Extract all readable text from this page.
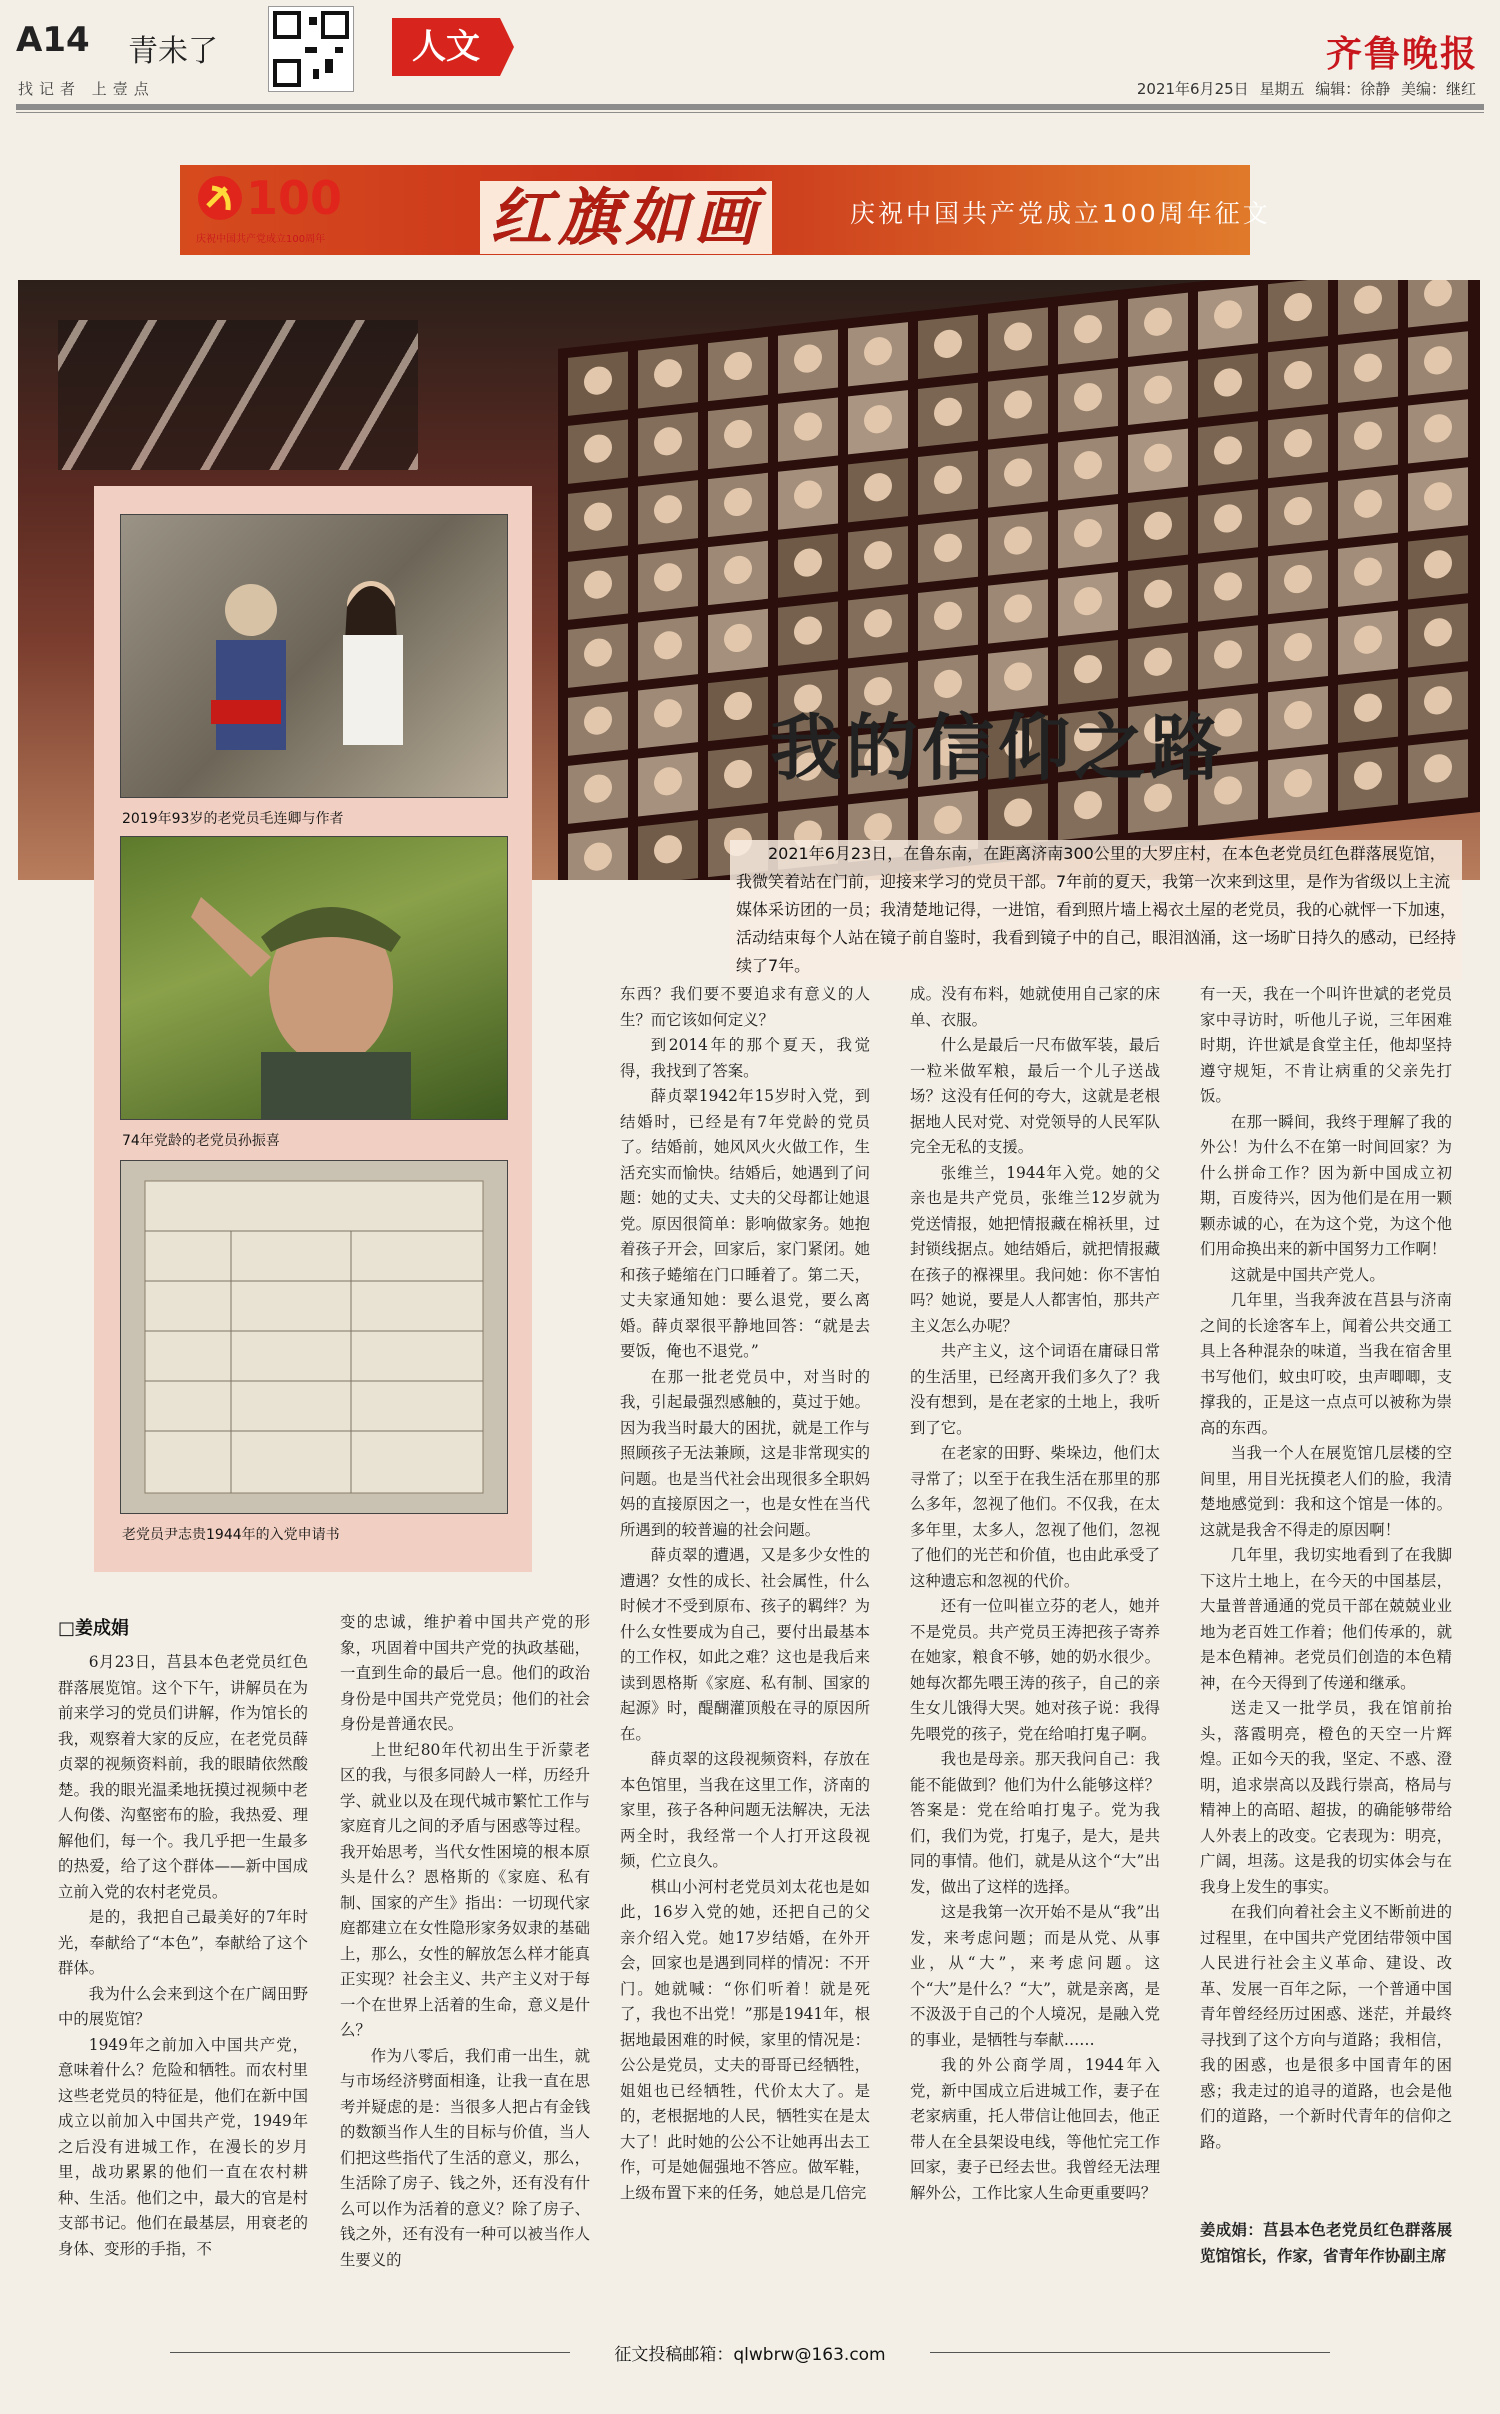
A14 青未了
找记者 上壹点
人文	齐鲁晚报
2021年6月25日 星期五 编辑：徐静 美编：继红
100
庆祝中国共产党成立100周年	红旗如画	庆祝中国共产党成立100周年征文
我的信仰之路
2021年6月23日，在鲁东南，在距离济南300公里的大罗庄村，在本色老党员红色群落展览馆，我微笑着站在门前，迎接来学习的党员干部。7年前的夏天，我第一次来到这里，是作为省级以上主流媒体采访团的一员；我清楚地记得，一进馆，看到照片墙上褐衣土屋的老党员，我的心就怦一下加速，活动结束每个人站在镜子前自鉴时，我看到镜子中的自己，眼泪汹涌，这一场旷日持久的感动，已经持续了7年。
2019年93岁的老党员毛连卿与作者
74年党龄的老党员孙振喜
老党员尹志贵1944年的入党申请书
□姜成娟

6月23日，莒县本色老党员红色群落展览馆。这个下午，讲解员在为前来学习的党员们讲解，作为馆长的我，观察着大家的反应，在老党员薛贞翠的视频资料前，我的眼睛依然酸楚。我的眼光温柔地抚摸过视频中老人佝偻、沟壑密布的脸，我热爱、理解他们，每一个。我几乎把一生最多的热爱，给了这个群体——新中国成立前入党的农村老党员。

是的，我把自己最美好的7年时光，奉献给了“本色”，奉献给了这个群体。

我为什么会来到这个在广阔田野中的展览馆？

1949年之前加入中国共产党，意味着什么？危险和牺牲。而农村里这些老党员的特征是，他们在新中国成立以前加入中国共产党，1949年之后没有进城工作，在漫长的岁月里，战功累累的他们一直在农村耕种、生活。他们之中，最大的官是村支部书记。他们在最基层，用衰老的身体、变形的手指，不

变的忠诚，维护着中国共产党的形象，巩固着中国共产党的执政基础，一直到生命的最后一息。他们的政治身份是中国共产党党员；他们的社会身份是普通农民。

上世纪80年代初出生于沂蒙老区的我，与很多同龄人一样，历经升学、就业以及在现代城市繁忙工作与家庭育儿之间的矛盾与困惑等过程。我开始思考，当代女性困境的根本原头是什么？恩格斯的《家庭、私有制、国家的产生》指出：一切现代家庭都建立在女性隐形家务奴隶的基础上，那么，女性的解放怎么样才能真正实现？社会主义、共产主义对于每一个在世界上活着的生命，意义是什么？

作为八零后，我们甫一出生，就与市场经济劈面相逢，让我一直在思考并疑虑的是：当很多人把占有金钱的数额当作人生的目标与价值，当人们把这些指代了生活的意义，那么，生活除了房子、钱之外，还有没有什么可以作为活着的意义？除了房子、钱之外，还有没有一种可以被当作人生要义的

东西？我们要不要追求有意义的人生？而它该如何定义？

到2014年的那个夏天，我觉得，我找到了答案。

薛贞翠1942年15岁时入党，到结婚时，已经是有7年党龄的党员了。结婚前，她风风火火做工作，生活充实而愉快。结婚后，她遇到了问题：她的丈夫、丈夫的父母都让她退党。原因很简单：影响做家务。她抱着孩子开会，回家后，家门紧闭。她和孩子蜷缩在门口睡着了。第二天，丈夫家通知她：要么退党，要么离婚。薛贞翠很平静地回答：“就是去要饭，俺也不退党。”

在那一批老党员中，对当时的我，引起最强烈感触的，莫过于她。因为我当时最大的困扰，就是工作与照顾孩子无法兼顾，这是非常现实的问题。也是当代社会出现很多全职妈妈的直接原因之一，也是女性在当代所遇到的较普遍的社会问题。

薛贞翠的遭遇，又是多少女性的遭遇？女性的成长、社会属性，什么时候才不受到原布、孩子的羁绊？为什么女性要成为自己，要付出最基本的工作权，如此之难？这也是我后来读到恩格斯《家庭、私有制、国家的起源》时，醍醐灌顶般在寻的原因所在。

薛贞翠的这段视频资料，存放在本色馆里，当我在这里工作，济南的家里，孩子各种问题无法解决，无法两全时，我经常一个人打开这段视频，伫立良久。

棋山小河村老党员刘太花也是如此，16岁入党的她，还把自己的父亲介绍入党。她17岁结婚，在外开会，回家也是遇到同样的情况：不开门。她就喊：“你们听着！就是死了，我也不出党！”那是1941年，根据地最困难的时候，家里的情况是：公公是党员，丈夫的哥哥已经牺牲，姐姐也已经牺牲，代价太大了。是的，老根据地的人民，牺牲实在是太大了！此时她的公公不让她再出去工作，可是她倔强地不答应。做军鞋，上级布置下来的任务，她总是几倍完

成。没有布料，她就使用自己家的床单、衣服。

什么是最后一尺布做军装，最后一粒米做军粮，最后一个儿子送战场？这没有任何的夸大，这就是老根据地人民对党、对党领导的人民军队完全无私的支援。

张维兰，1944年入党。她的父亲也是共产党员，张维兰12岁就为党送情报，她把情报藏在棉袄里，过封锁线据点。她结婚后，就把情报藏在孩子的褓裸里。我问她：你不害怕吗？她说，要是人人都害怕，那共产主义怎么办呢？

共产主义，这个词语在庸碌日常的生活里，已经离开我们多久了？我没有想到，是在老家的土地上，我听到了它。

在老家的田野、柴垛边，他们太寻常了；以至于在我生活在那里的那么多年，忽视了他们。不仅我，在太多年里，太多人，忽视了他们，忽视了他们的光芒和价值，也由此承受了这种遗忘和忽视的代价。

还有一位叫崔立芬的老人，她并不是党员。共产党员王涛把孩子寄养在她家，粮食不够，她的奶水很少。她每次都先喂王涛的孩子，自己的亲生女儿饿得大哭。她对孩子说：我得先喂党的孩子，党在给咱打鬼子啊。

我也是母亲。那天我问自己：我能不能做到？他们为什么能够这样？答案是：党在给咱打鬼子。党为我们，我们为党，打鬼子，是大，是共同的事情。他们，就是从这个“大”出发，做出了这样的选择。

这是我第一次开始不是从“我”出发，来考虑问题；而是从党、从事业，从“大”，来考虑问题。这个“大”是什么？“大”，就是亲离，是不汲汲于自己的个人境况，是融入党的事业，是牺牲与奉献……

我的外公商学周，1944年入党，新中国成立后进城工作，妻子在老家病重，托人带信让他回去，他正带人在全县架设电线，等他忙完工作回家，妻子已经去世。我曾经无法理解外公，工作比家人生命更重要吗？

有一天，我在一个叫许世斌的老党员家中寻访时，听他儿子说，三年困难时期，许世斌是食堂主任，他却坚持遵守规矩，不肯让病重的父亲先打饭。

在那一瞬间，我终于理解了我的外公！为什么不在第一时间回家？为什么拼命工作？因为新中国成立初期，百废待兴，因为他们是在用一颗颗赤诚的心，在为这个党，为这个他们用命换出来的新中国努力工作啊！

这就是中国共产党人。

几年里，当我奔波在莒县与济南之间的长途客车上，闻着公共交通工具上各种混杂的味道，当我在宿舍里书写他们，蚊虫叮咬，虫声唧唧，支撑我的，正是这一点点可以被称为崇高的东西。

当我一个人在展览馆几层楼的空间里，用目光抚摸老人们的脸，我清楚地感觉到：我和这个馆是一体的。这就是我舍不得走的原因啊！

几年里，我切实地看到了在我脚下这片土地上，在今天的中国基层，大量普普通通的党员干部在兢兢业业地为老百姓工作着；他们传承的，就是本色精神。老党员们创造的本色精神，在今天得到了传递和继承。

送走又一批学员，我在馆前抬头，落霞明亮，橙色的天空一片辉煌。正如今天的我，坚定、不惑、澄明，追求崇高以及践行崇高，格局与精神上的高昭、超拔，的确能够带给人外表上的改变。它表现为：明亮，广阔，坦荡。这是我的切实体会与在我身上发生的事实。

在我们向着社会主义不断前进的过程里，在中国共产党团结带领中国人民进行社会主义革命、建设、改革、发展一百年之际，一个普通中国青年曾经经历过困惑、迷茫，并最终寻找到了这个方向与道路；我相信，我的困惑，也是很多中国青年的困惑；我走过的追寻的道路，也会是他们的道路，一个新时代青年的信仰之路。

姜成娟：莒县本色老党员红色群落展览馆馆长，作家，省青年作协副主席
征文投稿邮箱：qlwbrw@163.com
